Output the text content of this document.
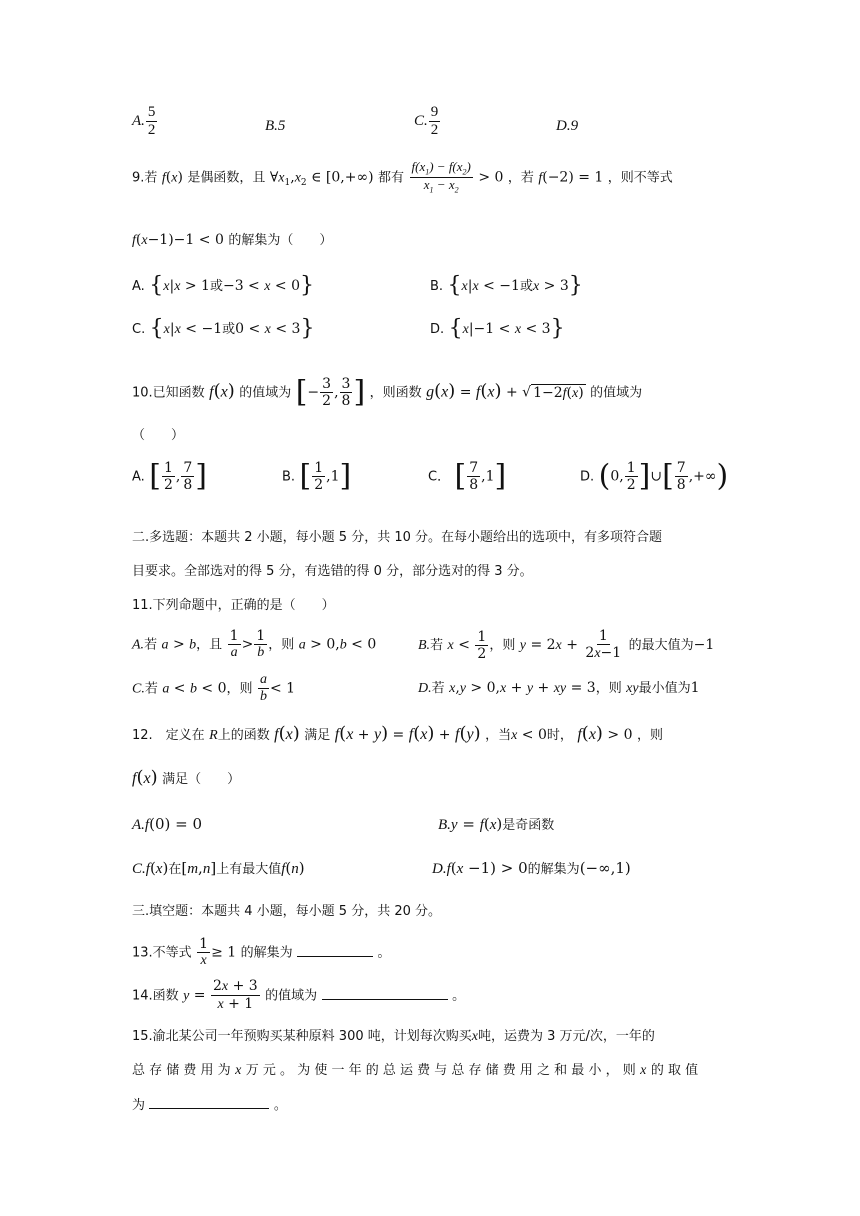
A. $\frac{5}{2}$	B.5	C. $\frac{9}{2}$	D.9
9.若 f(x) 是偶函数，且 $\forall x_1,x_2$ ∈ [0,+∞) 都有 $\frac{f(x_1) - f(x_2)}{x_1 - x_2} > 0$ ，若 f(−2) = 1 ，则不等式
f(x−1)−1 < 0 的解集为（　　）
A. {x|x > 1或−3 < x < 0}	B. {x|x < −1或x > 3}
C. {x|x < −1或0 < x < 3}	D. {x|−1 < x < 3}
10.已知函数 f(x) 的值域为 [− $\frac{3}{2}$ , $\frac{3}{8}$ ] ，则函数 g(x) = f(x) + √ 1−2f(x) 的值域为
（　　）
A. [ $\frac{1}{2}$ , $\frac{7}{8}$ ]	B. [ $\frac{1}{2} ,1$]	C． [ $\frac{7}{8} ,1$]	D. (0, $\frac{1}{2}$ ]∪[ $\frac{7}{8}$ ,+∞)
二.多选题：本题共 2 小题，每小题 5 分，共 10 分。在每小题给出的选项中，有多项符合题
目要求。全部选对的得 5 分，有选错的得 0 分，部分选对的得 3 分。
11.下列命题中，正确的是（　　）
A.若 a > b，且 $\frac{1}{a} > \frac{1}{b}$ ，则 a > 0,b < 0	B.若 $x < \frac{1}{2}$ ，则 $y = 2x + \frac{1}{2x-1}$ 的最大值为−1
C.若 a < b < 0，则 $\frac{a}{b} < 1$	D.若 x,y > 0,x + y + xy = 3，则 xy最小值为1
12.　定义在 R上的函数 f(x) 满足 f(x + y) = f(x) + f(y) ，当x < 0时， f(x) > 0 ，则
f(x) 满足（　　）
A.f(0) = 0	B.y = f(x)是奇函数
C.f(x)在[m,n]上有最大值f(n)	D.f(x −1) > 0的解集为(−∞,1)
三.填空题：本题共 4 小题，每小题 5 分，共 20 分。
13.不等式 $\frac{1}{x} \ge 1$ 的解集为	。
14.函数 $y = \frac{2x + 3}{x + 1}$ 的值域为	。
15.渝北某公司一年预购买某种原料 300 吨，计划每次购买x吨，运费为 3 万元/次，一年的
总 存 储 费 用 为 x 万 元 。 为 使 一 年 的 总 运 费 与 总 存 储 费 用 之 和 最 小 ， 则 x 的 取 值
为	。
